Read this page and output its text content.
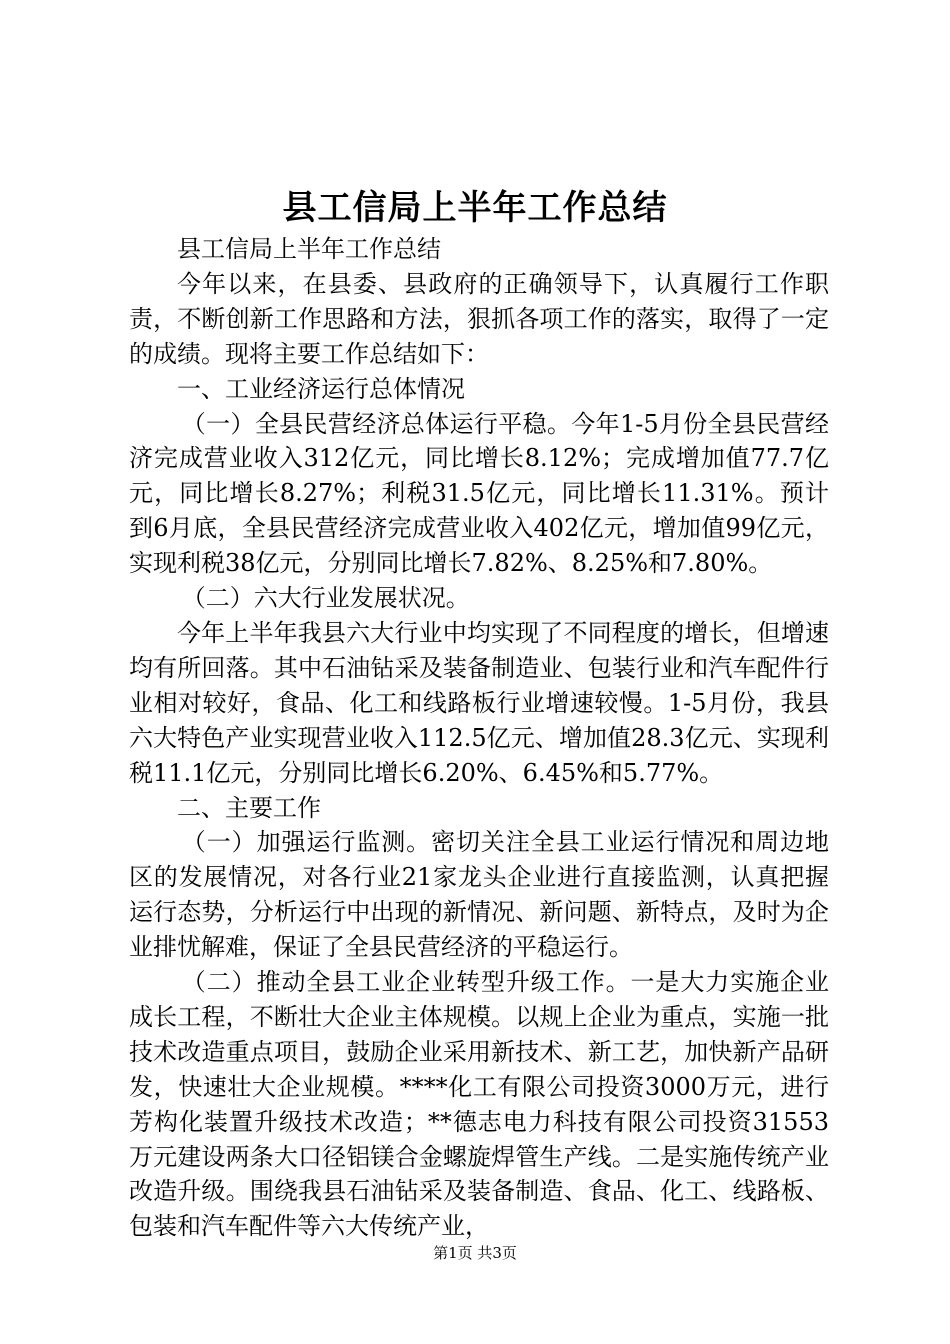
县工信局上半年工作总结

县工信局上半年工作总结

今年以来，在县委、县政府的正确领导下，认真履行工作职责，不断创新工作思路和方法，狠抓各项工作的落实，取得了一定的成绩。现将主要工作总结如下：

一、工业经济运行总体情况

（一）全县民营经济总体运行平稳。今年1-5月份全县民营经济完成营业收入312亿元，同比增长8.12%；完成增加值77.7亿元，同比增长8.27%；利税31.5亿元，同比增长11.31%。预计到6月底，全县民营经济完成营业收入402亿元，增加值99亿元，实现利税38亿元，分别同比增长7.82%、8.25%和7.80%。

（二）六大行业发展状况。

今年上半年我县六大行业中均实现了不同程度的增长，但增速均有所回落。其中石油钻采及装备制造业、包装行业和汽车配件行业相对较好，食品、化工和线路板行业增速较慢。1-5月份，我县六大特色产业实现营业收入112.5亿元、增加值28.3亿元、实现利税11.1亿元，分别同比增长6.20%、6.45%和5.77%。

二、主要工作

（一）加强运行监测。密切关注全县工业运行情况和周边地区的发展情况，对各行业21家龙头企业进行直接监测，认真把握运行态势，分析运行中出现的新情况、新问题、新特点，及时为企业排忧解难，保证了全县民营经济的平稳运行。

（二）推动全县工业企业转型升级工作。一是大力实施企业成长工程，不断壮大企业主体规模。以规上企业为重点，实施一批技术改造重点项目，鼓励企业采用新技术、新工艺，加快新产品研发，快速壮大企业规模。****化工有限公司投资3000万元，进行芳构化装置升级技术改造；**德志电力科技有限公司投资31553万元建设两条大口径铝镁合金螺旋焊管生产线。二是实施传统产业改造升级。围绕我县石油钻采及装备制造、食品、化工、线路板、包装和汽车配件等六大传统产业，

第1页 共3页
